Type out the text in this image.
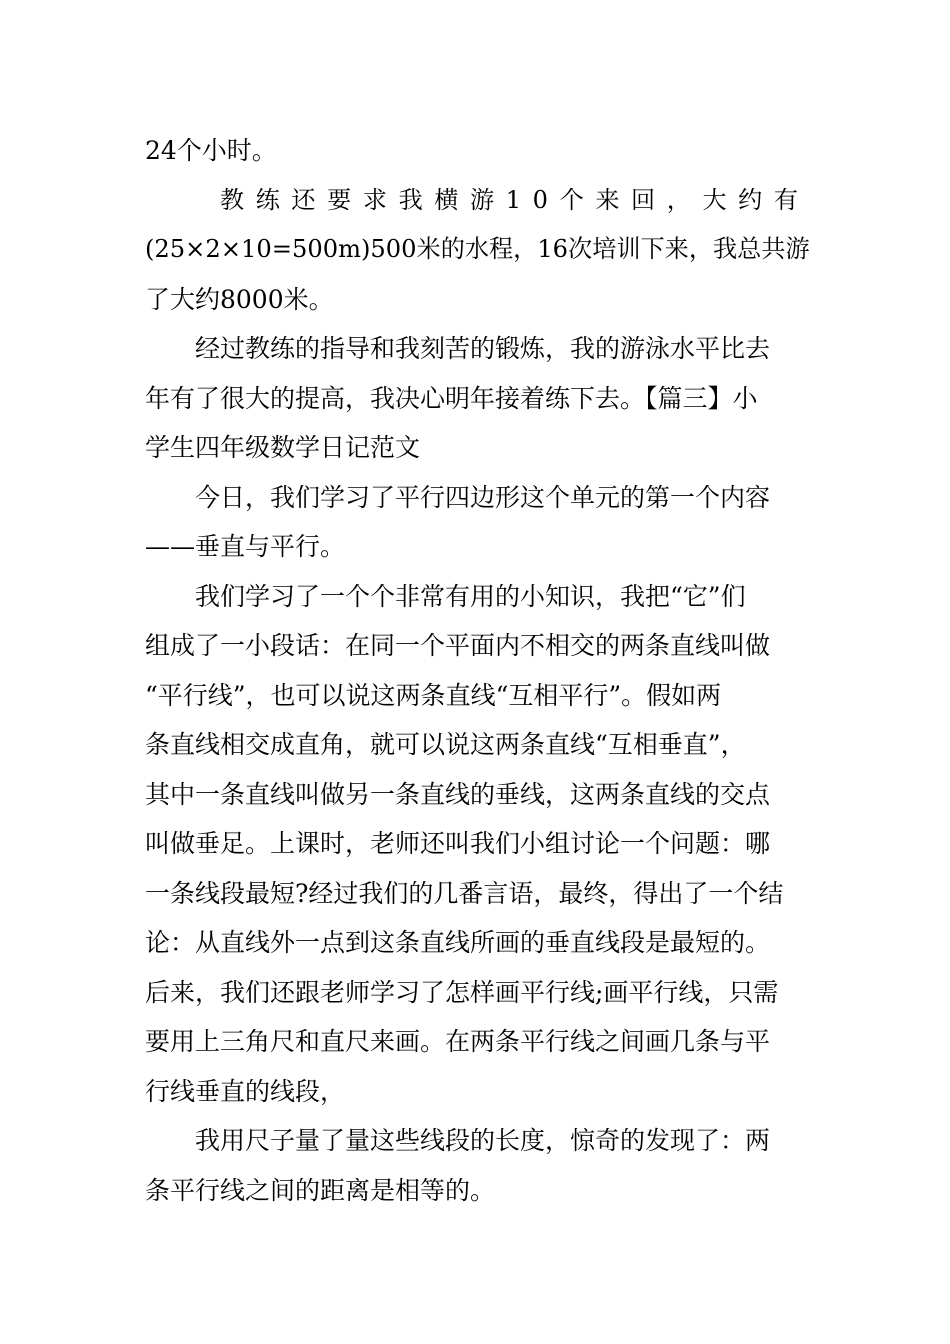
24个小时。
教练还要求我横游10个来回，大约有
(25×2×10=500m)500米的水程，16次培训下来，我总共游
了大约8000米。
经过教练的指导和我刻苦的锻炼，我的游泳水平比去
年有了很大的提高，我决心明年接着练下去。【篇三】小
学生四年级数学日记范文
今日，我们学习了平行四边形这个单元的第一个内容
——垂直与平行。
我们学习了一个个非常有用的小知识，我把“它”们
组成了一小段话：在同一个平面内不相交的两条直线叫做
“平行线”，也可以说这两条直线“互相平行”。假如两
条直线相交成直角，就可以说这两条直线“互相垂直”，
其中一条直线叫做另一条直线的垂线，这两条直线的交点
叫做垂足。上课时，老师还叫我们小组讨论一个问题：哪
一条线段最短?经过我们的几番言语，最终，得出了一个结
论：从直线外一点到这条直线所画的垂直线段是最短的。
后来，我们还跟老师学习了怎样画平行线;画平行线，只需
要用上三角尺和直尺来画。在两条平行线之间画几条与平
行线垂直的线段，
我用尺子量了量这些线段的长度，惊奇的发现了：两
条平行线之间的距离是相等的。
